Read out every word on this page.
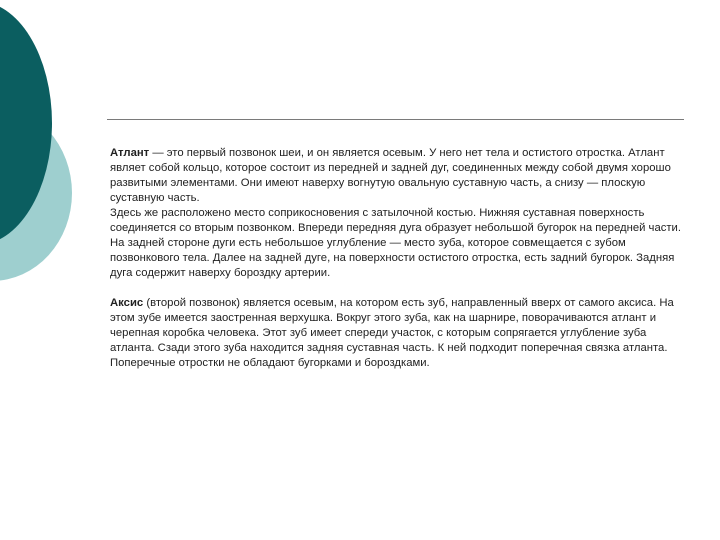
Атлант — это первый позвонок шеи, и он является осевым. У него нет тела и остистого отростка. Атлант являет собой кольцо, которое состоит из передней и задней дуг, соединенных между собой двумя хорошо развитыми элементами. Они имеют наверху вогнутую овальную суставную часть, а снизу — плоскую суставную часть.

Здесь же расположено место соприкосновения с затылочной костью. Нижняя суставная поверхность соединяется со вторым позвонком. Впереди передняя дуга образует небольшой бугорок на передней части. На задней стороне дуги есть небольшое углубление — место зуба, которое совмещается с зубом позвонкового тела. Далее на задней дуге, на поверхности остистого отростка, есть задний бугорок. Задняя дуга содержит наверху бороздку артерии.

Аксис (второй позвонок) является осевым, на котором есть зуб, направленный вверх от самого аксиса. На этом зубе имеется заостренная верхушка. Вокруг этого зуба, как на шарнире, поворачиваются атлант и черепная коробка человека. Этот зуб имеет спереди участок, с которым сопрягается углубление зуба атланта. Сзади этого зуба находится задняя суставная часть. К ней подходит поперечная связка атланта. Поперечные отростки не обладают бугорками и бороздками.
